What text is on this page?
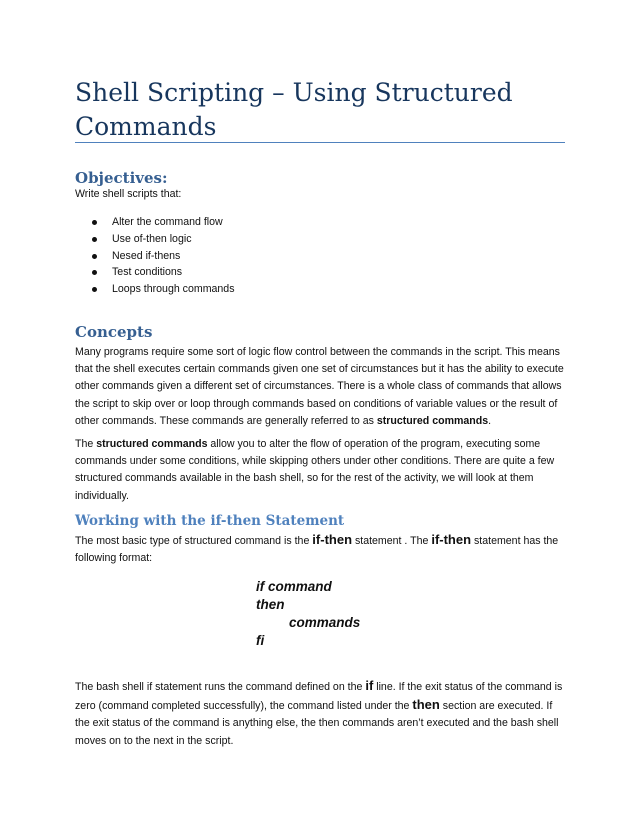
Shell Scripting – Using Structured Commands
Objectives:

Write shell scripts that:

Alter the command flow
Use of-then logic
Nesed if-thens
Test conditions
Loops through commands
Concepts

Many programs require some sort of logic flow control between the commands in the script. This means that the shell executes certain commands given one set of circumstances but it has the ability to execute other commands given a different set of circumstances. There is a whole class of commands that allows the script to skip over or loop through commands based on conditions of variable values or the result of other commands. These commands are generally referred to as structured commands.

The structured commands allow you to alter the flow of operation of the program, executing some commands under some conditions, while skipping others under other conditions. There are quite a few structured commands available in the bash shell, so for the rest of the activity, we will look at them individually.

Working with the if-then Statement

The most basic type of structured command is the if-then statement . The if-then statement has the following format:

if command
then
commands
fi

The bash shell if statement runs the command defined on the if line. If the exit status of the command is zero (command completed successfully), the command listed under the then section are executed. If the exit status of the command is anything else, the then commands aren’t executed and the bash shell moves on to the next in the script.
